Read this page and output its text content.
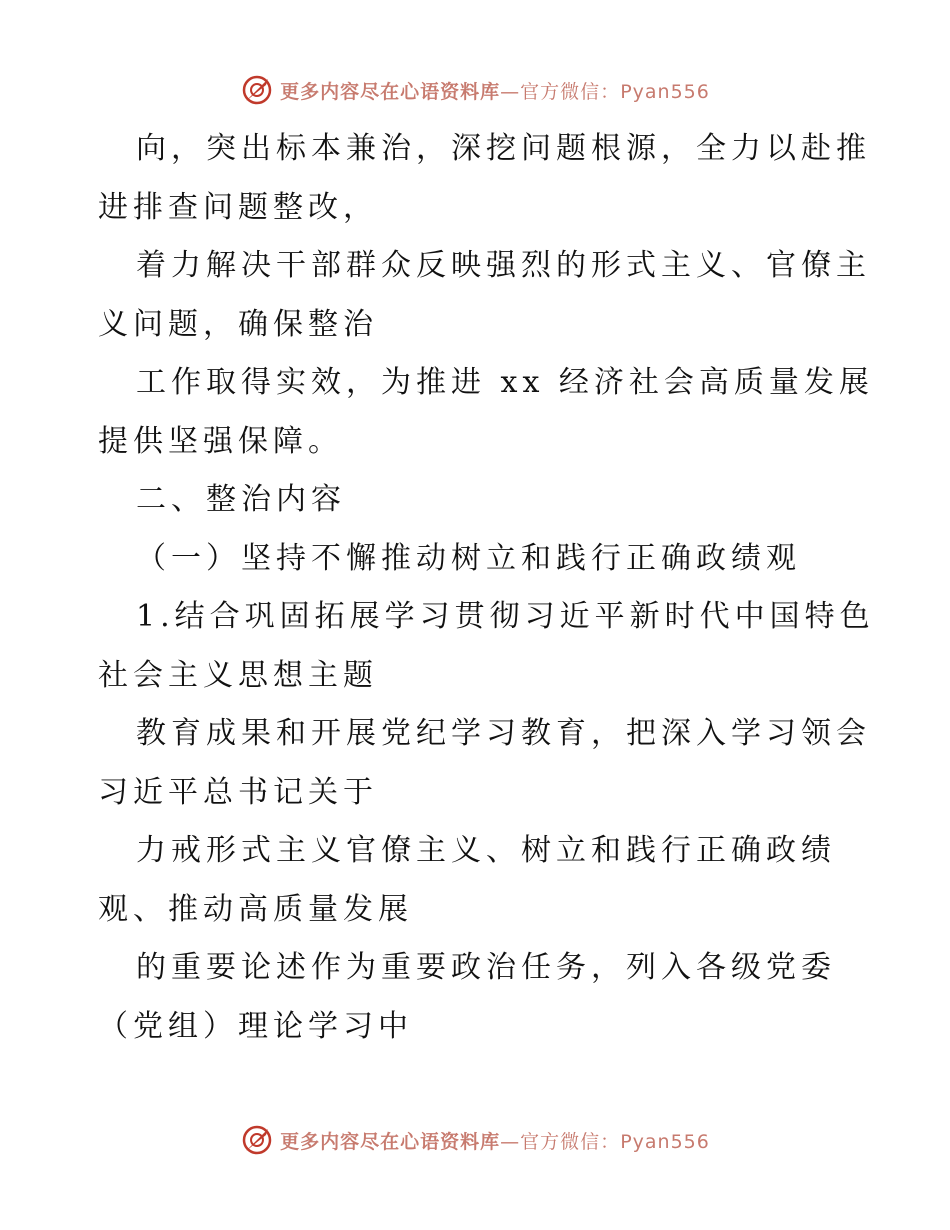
更多内容尽在心语资料库—官方微信：Pyan556
向，突出标本兼治，深挖问题根源，全力以赴推
进排查问题整改，
着力解决干部群众反映强烈的形式主义、官僚主
义问题，确保整治
工作取得实效，为推进 xx 经济社会高质量发展
提供坚强保障。
二、整治内容
（一）坚持不懈推动树立和践行正确政绩观
1.结合巩固拓展学习贯彻习近平新时代中国特色
社会主义思想主题
教育成果和开展党纪学习教育，把深入学习领会
习近平总书记关于
力戒形式主义官僚主义、树立和践行正确政绩
观、推动高质量发展
的重要论述作为重要政治任务，列入各级党委
（党组）理论学习中
更多内容尽在心语资料库—官方微信：Pyan556
